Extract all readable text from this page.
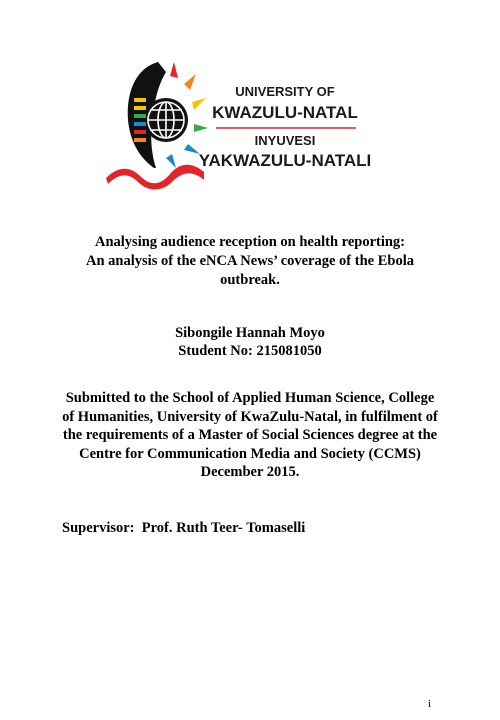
UNIVERSITY OF
KWAZULU-NATAL
INYUVESI
YAKWAZULU-NATALI
Analysing audience reception on health reporting:
An analysis of the eNCA News’ coverage of the Ebola
outbreak.
Sibongile Hannah Moyo
Student No: 215081050
Submitted to the School of Applied Human Science, College
of Humanities, University of KwaZulu-Natal, in fulfilment of
the requirements of a Master of Social Sciences degree at the
Centre for Communication Media and Society (CCMS)
December 2015.
Supervisor:  Prof. Ruth Teer- Tomaselli
i
